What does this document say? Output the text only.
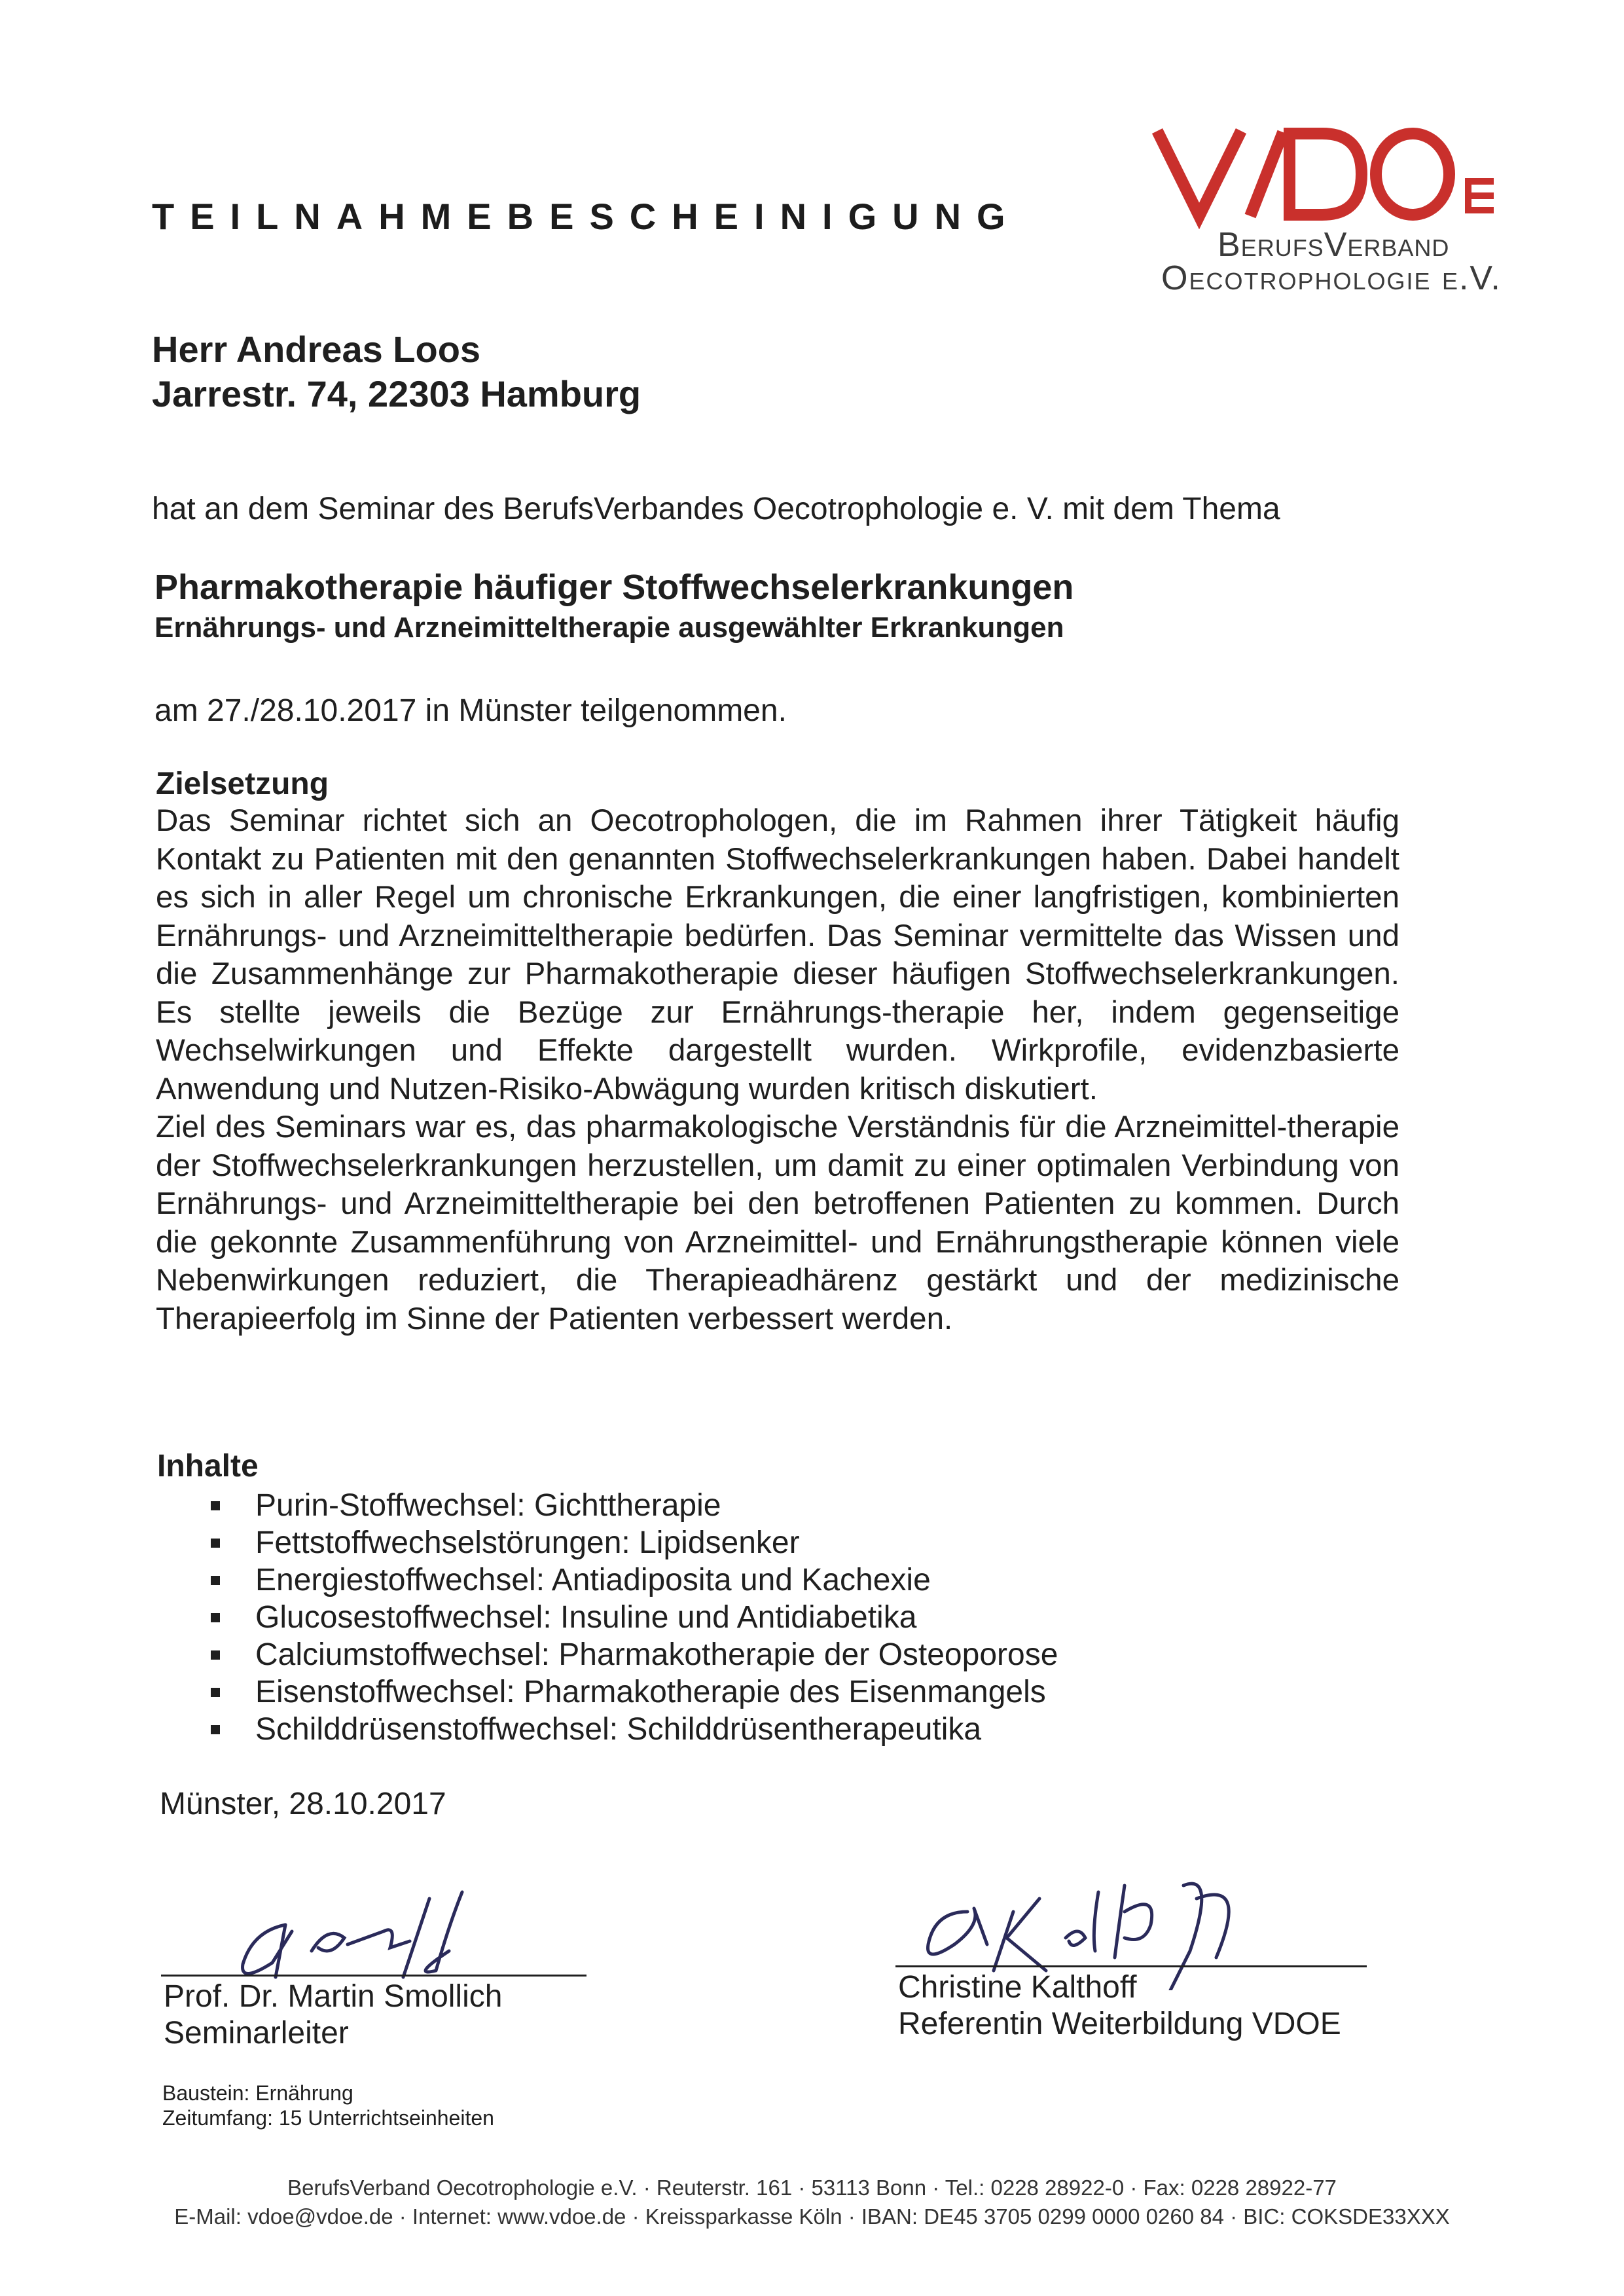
TEILNAHMEBESCHEINIGUNG
BerufsVerband
Oecotrophologie e.V.
Herr Andreas Loos
Jarrestr. 74, 22303 Hamburg
hat an dem Seminar des BerufsVerbandes Oecotrophologie e. V. mit dem Thema
Pharmakotherapie häufiger Stoffwechselerkrankungen
Ernährungs- und Arzneimitteltherapie ausgewählter Erkrankungen
am 27./28.10.2017 in Münster teilgenommen.
Zielsetzung

Das Seminar richtet sich an Oecotrophologen, die im Rahmen ihrer Tätigkeit häufig Kontakt zu Patienten mit den genannten Stoffwechselerkrankungen haben. Dabei handelt es sich in aller Regel um chronische Erkrankungen, die einer langfristigen, kombinierten Ernährungs- und Arzneimitteltherapie bedürfen. Das Seminar vermittelte das Wissen und die Zusammenhänge zur Pharmakotherapie dieser häufigen Stoffwechselerkrankungen. Es stellte jeweils die Bezüge zur Ernährungs-therapie her, indem gegenseitige Wechselwirkungen und Effekte dargestellt wurden. Wirkprofile, evidenzbasierte Anwendung und Nutzen-Risiko-Abwägung wurden kritisch diskutiert.

Ziel des Seminars war es, das pharmakologische Verständnis für die Arzneimittel-therapie der Stoffwechselerkrankungen herzustellen, um damit zu einer optimalen Verbindung von Ernährungs- und Arzneimitteltherapie bei den betroffenen Patienten zu kommen. Durch die gekonnte Zusammenführung von Arzneimittel- und Ernährungstherapie können viele Nebenwirkungen reduziert, die Therapieadhärenz gestärkt und der medizinische Therapieerfolg im Sinne der Patienten verbessert werden.

Inhalte
Purin-Stoffwechsel: Gichttherapie
Fettstoffwechselstörungen: Lipidsenker
Energiestoffwechsel: Antiadiposita und Kachexie
Glucosestoffwechsel: Insuline und Antidiabetika
Calciumstoffwechsel: Pharmakotherapie der Osteoporose
Eisenstoffwechsel: Pharmakotherapie des Eisenmangels
Schilddrüsenstoffwechsel: Schilddrüsentherapeutika
Münster, 28.10.2017
Prof. Dr. Martin Smollich
Seminarleiter
Christine Kalthoff
Referentin Weiterbildung VDOE
Baustein: Ernährung
Zeitumfang: 15 Unterrichtseinheiten
BerufsVerband Oecotrophologie e.V. · Reuterstr. 161 · 53113 Bonn · Tel.: 0228 28922-0 · Fax: 0228 28922-77
E-Mail: vdoe@vdoe.de · Internet: www.vdoe.de · Kreissparkasse Köln · IBAN: DE45 3705 0299 0000 0260 84 · BIC: COKSDE33XXX
